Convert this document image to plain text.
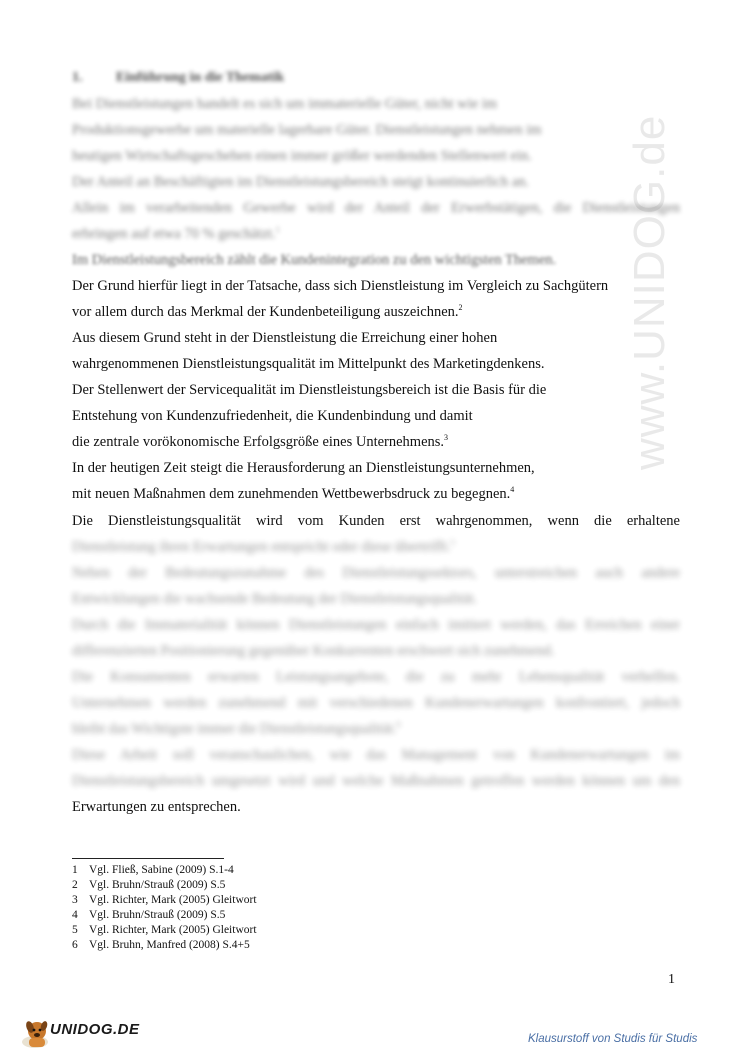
www.UNIDOG.de
1. Einführung in die Thematik
Bei Dienstleistungen handelt es sich um immaterielle Güter, nicht wie im
Produktionsgewerbe um materielle lagerbare Güter. Dienstleistungen nehmen im
heutigen Wirtschaftsgeschehen einen immer größer werdenden Stellenwert ein.
Der Anteil an Beschäftigten im Dienstleistungsbereich steigt kontinuierlich an.
Allein im verarbeitenden Gewerbe wird der Anteil der Erwerbstätigen, die Dienstleistungen
erbringen auf etwa 70 % geschätzt.$^1$
Im Dienstleistungsbereich zählt die Kundenintegration zu den wichtigsten Themen.
Der Grund hierfür liegt in der Tatsache, dass sich Dienstleistung im Vergleich zu Sachgütern
vor allem durch das Merkmal der Kundenbeteiligung auszeichnen.$^2$
Aus diesem Grund steht in der Dienstleistung die Erreichung einer hohen
wahrgenommenen Dienstleistungsqualität im Mittelpunkt des Marketingdenkens.
Der Stellenwert der Servicequalität im Dienstleistungsbereich ist die Basis für die
Entstehung von Kundenzufriedenheit, die Kundenbindung und damit
die zentrale vorökonomische Erfolgsgröße eines Unternehmens.$^3$
In der heutigen Zeit steigt die Herausforderung an Dienstleistungsunternehmen,
mit neuen Maßnahmen dem zunehmenden Wettbewerbsdruck zu begegnen.$^4$
Die Dienstleistungsqualität wird vom Kunden erst wahrgenommen, wenn die erhaltene
Dienstleistung ihren Erwartungen entspricht oder diese übertrifft.$^5$
Neben der Bedeutungszunahme des Dienstleistungssektors, unterstreichen auch andere
Entwicklungen die wachsende Bedeutung der Dienstleistungsqualität.
Durch die Immaterialität können Dienstleistungen einfach imitiert werden, das Erreichen einer
differenzierten Positionierung gegenüber Konkurrenten erschwert sich zunehmend.
Die Konsumenten erwarten Leistungsangebote, die zu mehr Lebensqualität verhelfen.
Unternehmen werden zunehmend mit verschiedenen Kundenerwartungen konfrontiert, jedoch
bleibt das Wichtigste immer die Dienstleistungsqualität.$^6$
Diese Arbeit soll veranschaulichen, wie das Management von Kundenerwartungen im
Dienstleistungsbereich umgesetzt wird und welche Maßnahmen getroffen werden können um den
Erwartungen zu entsprechen.
1 Vgl. Fließ, Sabine (2009) S.1-4
2 Vgl. Bruhn/Strauß (2009) S.5
3 Vgl. Richter, Mark (2005) Gleitwort
4 Vgl. Bruhn/Strauß (2009) S.5
5 Vgl. Richter, Mark (2005) Gleitwort
6 Vgl. Bruhn, Manfred (2008) S.4+5
1
UNIDOG.DE
Klausurstoff von Studis für Studis
